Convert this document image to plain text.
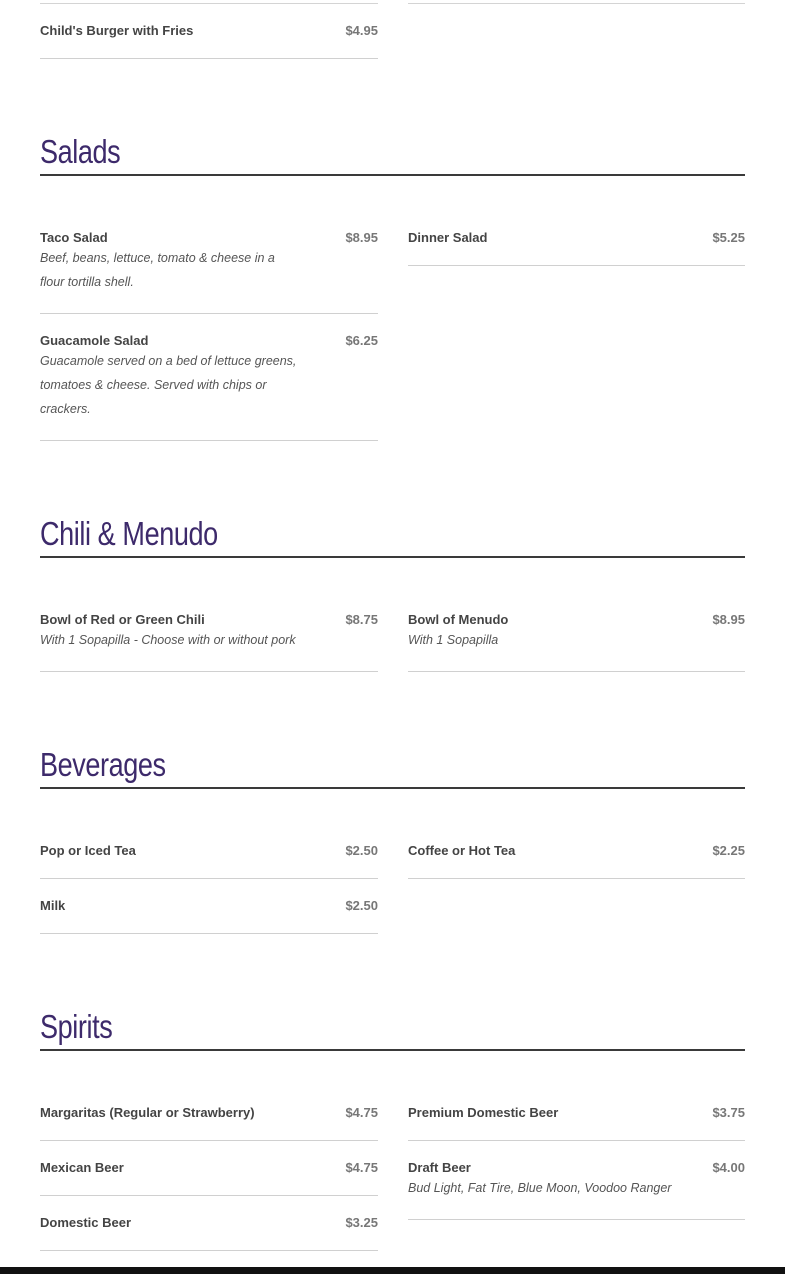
Child's Burger with Fries	$4.95
Salads
Taco Salad	$8.95
Beef, beans, lettuce, tomato & cheese in a flour tortilla shell.
Dinner Salad	$5.25
Guacamole Salad	$6.25
Guacamole served on a bed of lettuce greens, tomatoes & cheese. Served with chips or crackers.
Chili & Menudo
Bowl of Red or Green Chili	$8.75
With 1 Sopapilla - Choose with or without pork
Bowl of Menudo	$8.95
With 1 Sopapilla
Beverages
Pop or Iced Tea	$2.50 Coffee or Hot Tea	$2.25
Milk	$2.50
Spirits
Margaritas (Regular or Strawberry)	$4.75 Premium Domestic Beer	$3.75
Mexican Beer	$4.75 Draft Beer	$4.00
Bud Light, Fat Tire, Blue Moon, Voodoo Ranger
Domestic Beer	$3.25
